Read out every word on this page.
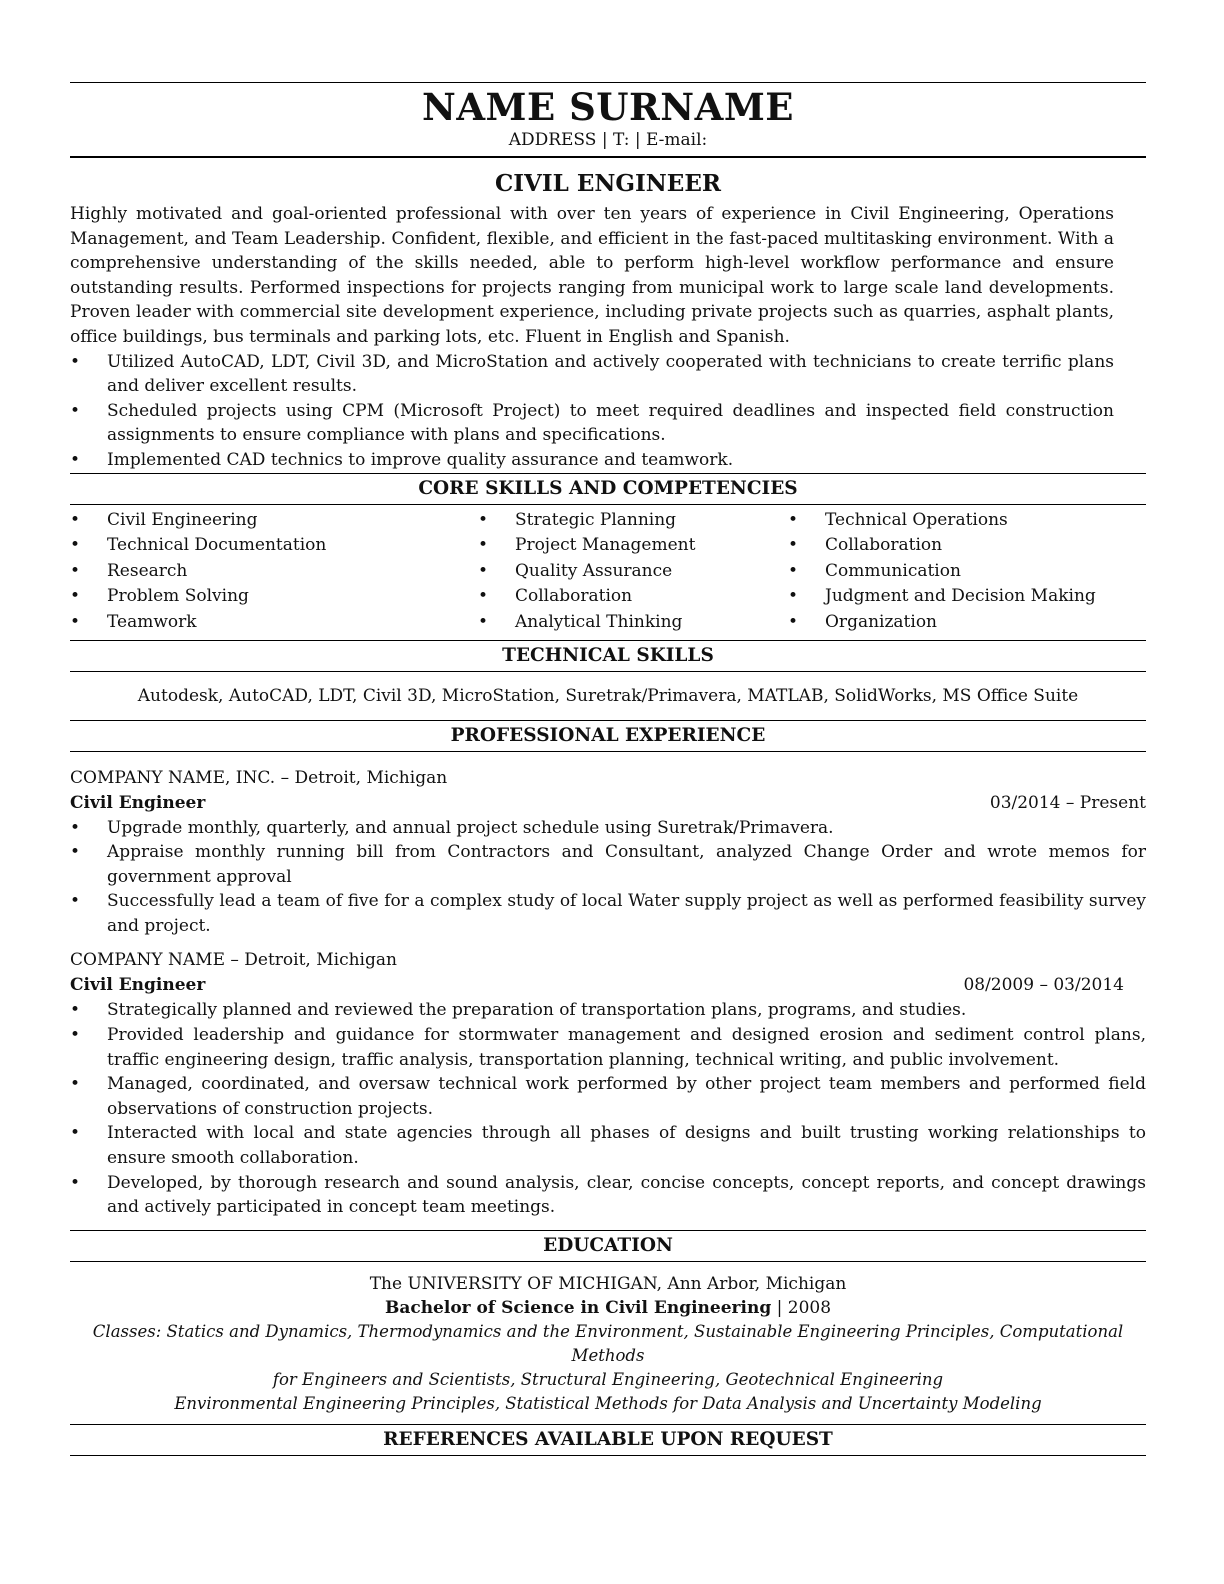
NAME SURNAME
ADDRESS | T: | E-mail:
CIVIL ENGINEER
Highly motivated and goal-oriented professional with over ten years of experience in Civil Engineering, Operations Management, and Team Leadership. Confident, flexible, and efficient in the fast-paced multitasking environment. With a comprehensive understanding of the skills needed, able to perform high-level workflow performance and ensure outstanding results. Performed inspections for projects ranging from municipal work to large scale land developments. Proven leader with commercial site development experience, including private projects such as quarries, asphalt plants, office buildings, bus terminals and parking lots, etc. Fluent in English and Spanish.
• Utilized AutoCAD, LDT, Civil 3D, and MicroStation and actively cooperated with technicians to create terrific plans and deliver excellent results.
• Scheduled projects using CPM (Microsoft Project) to meet required deadlines and inspected field construction assignments to ensure compliance with plans and specifications.
• Implemented CAD technics to improve quality assurance and teamwork.
CORE SKILLS AND COMPETENCIES
• Civil Engineering
• Technical Documentation
• Research
• Problem Solving
• Teamwork
• Strategic Planning
• Project Management
• Quality Assurance
• Collaboration
• Analytical Thinking
• Technical Operations
• Collaboration
• Communication
• Judgment and Decision Making
• Organization
TECHNICAL SKILLS
Autodesk, AutoCAD, LDT, Civil 3D, MicroStation, Suretrak/Primavera, MATLAB, SolidWorks, MS Office Suite
PROFESSIONAL EXPERIENCE
COMPANY NAME, INC. – Detroit, Michigan
Civil Engineer	03/2014 – Present
• Upgrade monthly, quarterly, and annual project schedule using Suretrak/Primavera.
• Appraise monthly running bill from Contractors and Consultant, analyzed Change Order and wrote memos for government approval
• Successfully lead a team of five for a complex study of local Water supply project as well as performed feasibility survey and project.
COMPANY NAME – Detroit, Michigan
Civil Engineer	08/2009 – 03/2014
• Strategically planned and reviewed the preparation of transportation plans, programs, and studies.
• Provided leadership and guidance for stormwater management and designed erosion and sediment control plans, traffic engineering design, traffic analysis, transportation planning, technical writing, and public involvement.
• Managed, coordinated, and oversaw technical work performed by other project team members and performed field observations of construction projects.
• Interacted with local and state agencies through all phases of designs and built trusting working relationships to ensure smooth collaboration.
• Developed, by thorough research and sound analysis, clear, concise concepts, concept reports, and concept drawings and actively participated in concept team meetings.
EDUCATION
The UNIVERSITY OF MICHIGAN, Ann Arbor, Michigan
Bachelor of Science in Civil Engineering | 2008
Classes: Statics and Dynamics, Thermodynamics and the Environment, Sustainable Engineering Principles, Computational Methods
for Engineers and Scientists, Structural Engineering, Geotechnical Engineering
Environmental Engineering Principles, Statistical Methods for Data Analysis and Uncertainty Modeling
REFERENCES AVAILABLE UPON REQUEST
